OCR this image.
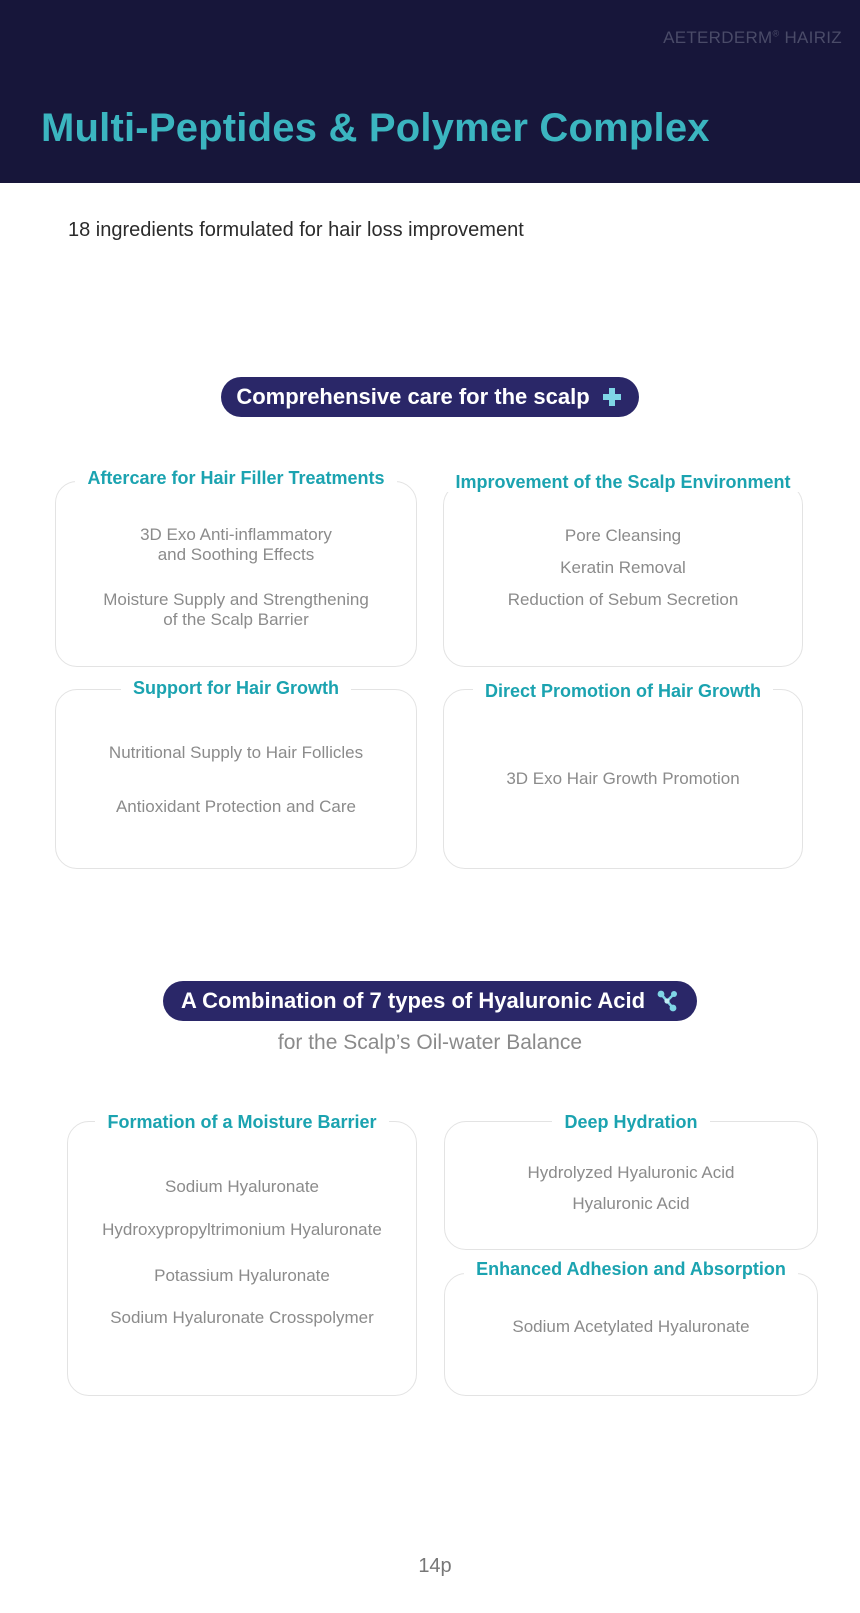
AETERDERM® HAIRIZ
Multi-Peptides & Polymer Complex
18 ingredients formulated for hair loss improvement
Comprehensive care for the scalp
Aftercare for Hair Filler Treatments
3D Exo Anti-inflammatory
and Soothing Effects
Moisture Supply and Strengthening
of the Scalp Barrier
Improvement of the Scalp Environment
Pore Cleansing
Keratin Removal
Reduction of Sebum Secretion
Support for Hair Growth
Nutritional Supply to Hair Follicles
Antioxidant Protection and Care
Direct Promotion of Hair Growth
3D Exo Hair Growth Promotion
A Combination of 7 types of Hyaluronic Acid
for the Scalp’s Oil-water Balance
Formation of a Moisture Barrier
Sodium Hyaluronate
Hydroxypropyltrimonium Hyaluronate
Potassium Hyaluronate
Sodium Hyaluronate Crosspolymer
Deep Hydration
Hydrolyzed Hyaluronic Acid
Hyaluronic Acid
Enhanced Adhesion and Absorption
Sodium Acetylated Hyaluronate
14p
